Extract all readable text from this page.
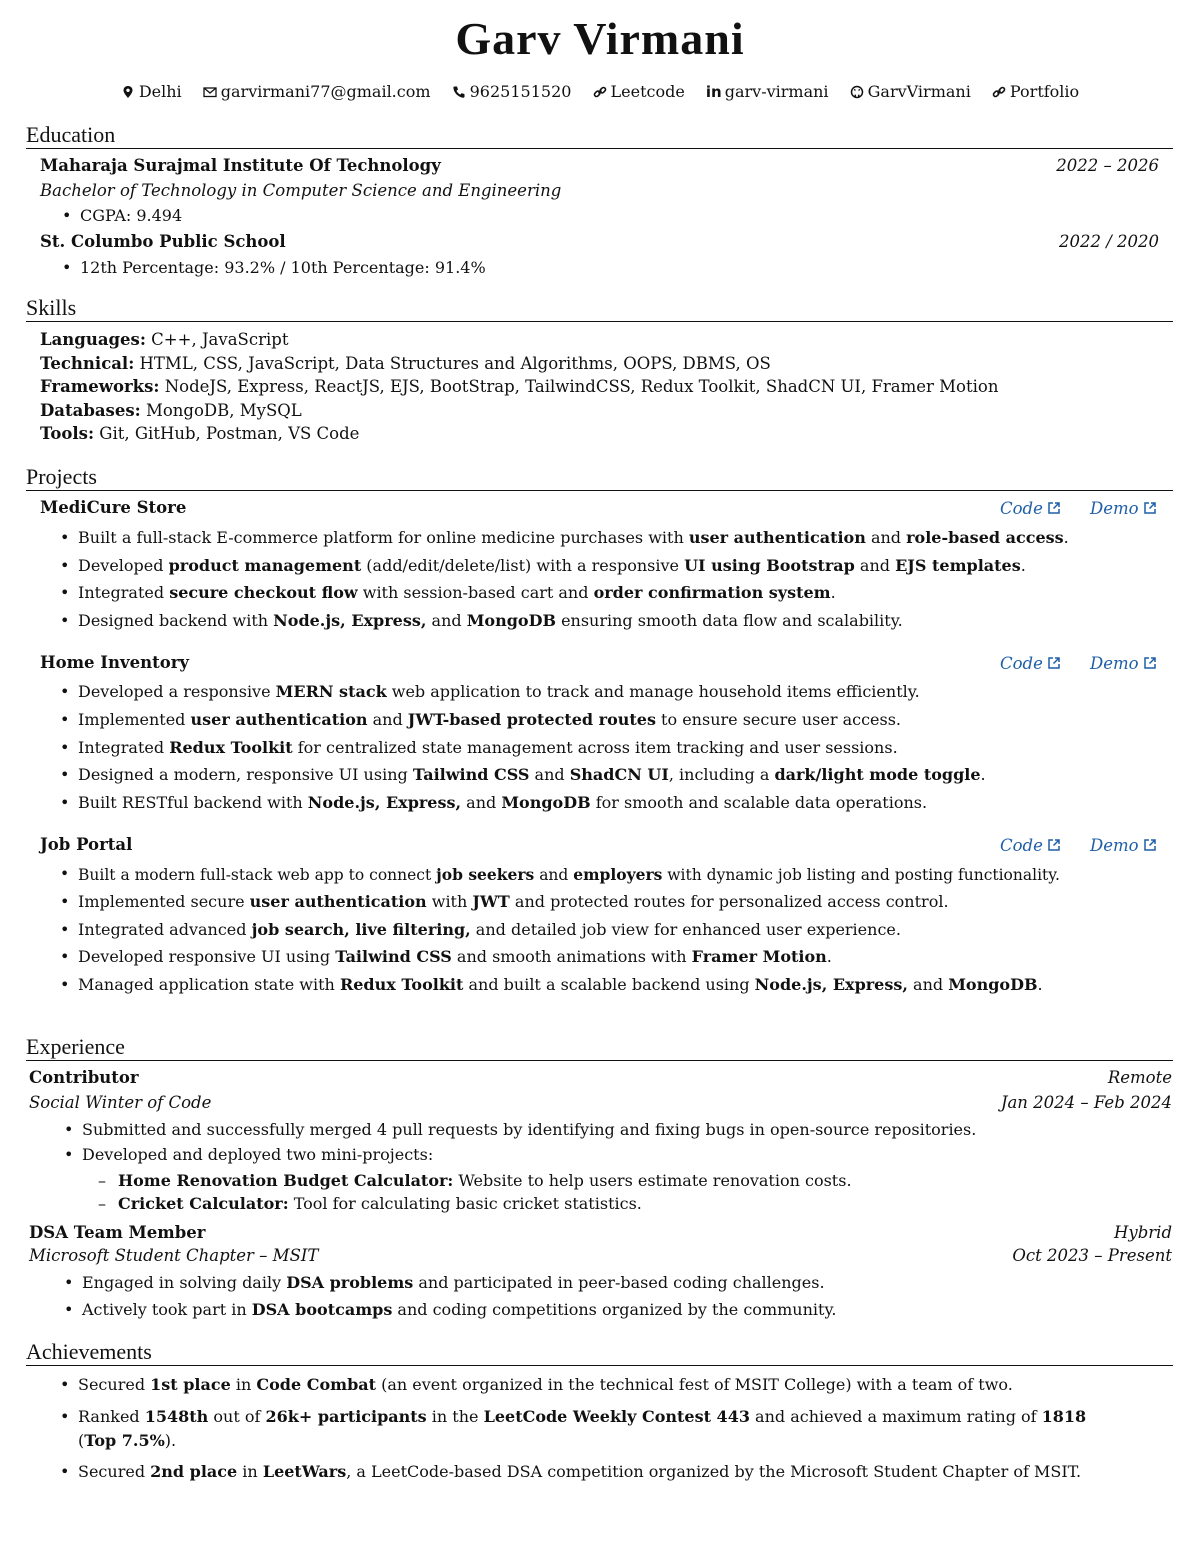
Garv Virmani
Delhi garvirmani77@gmail.com 9625151520 Leetcode in garv-virmani GarvVirmani Portfolio
Education
Maharaja Surajmal Institute Of Technology	2022 – 2026
Bachelor of Technology in Computer Science and Engineering
• CGPA: 9.494
St. Columbo Public School	2022 / 2020
• 12th Percentage: 93.2% / 10th Percentage: 91.4%
Skills
Languages: C++, JavaScript
Technical: HTML, CSS, JavaScript, Data Structures and Algorithms, OOPS, DBMS, OS
Frameworks: NodeJS, Express, ReactJS, EJS, BootStrap, TailwindCSS, Redux Toolkit, ShadCN UI, Framer Motion
Databases: MongoDB, MySQL
Tools: Git, GitHub, Postman, VS Code
Projects
MediCure Store	Code	Demo
• Built a full-stack E-commerce platform for online medicine purchases with user authentication and role-based access.
• Developed product management (add/edit/delete/list) with a responsive UI using Bootstrap and EJS templates.
• Integrated secure checkout flow with session-based cart and order confirmation system.
• Designed backend with Node.js, Express, and MongoDB ensuring smooth data flow and scalability.
Home Inventory	Code	Demo
• Developed a responsive MERN stack web application to track and manage household items efficiently.
• Implemented user authentication and JWT-based protected routes to ensure secure user access.
• Integrated Redux Toolkit for centralized state management across item tracking and user sessions.
• Designed a modern, responsive UI using Tailwind CSS and ShadCN UI, including a dark/light mode toggle.
• Built RESTful backend with Node.js, Express, and MongoDB for smooth and scalable data operations.
Job Portal	Code	Demo
• Built a modern full-stack web app to connect job seekers and employers with dynamic job listing and posting functionality.
• Implemented secure user authentication with JWT and protected routes for personalized access control.
• Integrated advanced job search, live filtering, and detailed job view for enhanced user experience.
• Developed responsive UI using Tailwind CSS and smooth animations with Framer Motion.
• Managed application state with Redux Toolkit and built a scalable backend using Node.js, Express, and MongoDB.
Experience
Contributor	Remote
Social Winter of Code	Jan 2024 – Feb 2024
• Submitted and successfully merged 4 pull requests by identifying and fixing bugs in open-source repositories.
• Developed and deployed two mini-projects:
– Home Renovation Budget Calculator: Website to help users estimate renovation costs.
– Cricket Calculator: Tool for calculating basic cricket statistics.
DSA Team Member	Hybrid
Microsoft Student Chapter – MSIT	Oct 2023 – Present
• Engaged in solving daily DSA problems and participated in peer-based coding challenges.
• Actively took part in DSA bootcamps and coding competitions organized by the community.
Achievements
• Secured 1st place in Code Combat (an event organized in the technical fest of MSIT College) with a team of two.
• Ranked 1548th out of 26k+ participants in the LeetCode Weekly Contest 443 and achieved a maximum rating of 1818
(Top 7.5%).
• Secured 2nd place in LeetWars, a LeetCode-based DSA competition organized by the Microsoft Student Chapter of MSIT.
